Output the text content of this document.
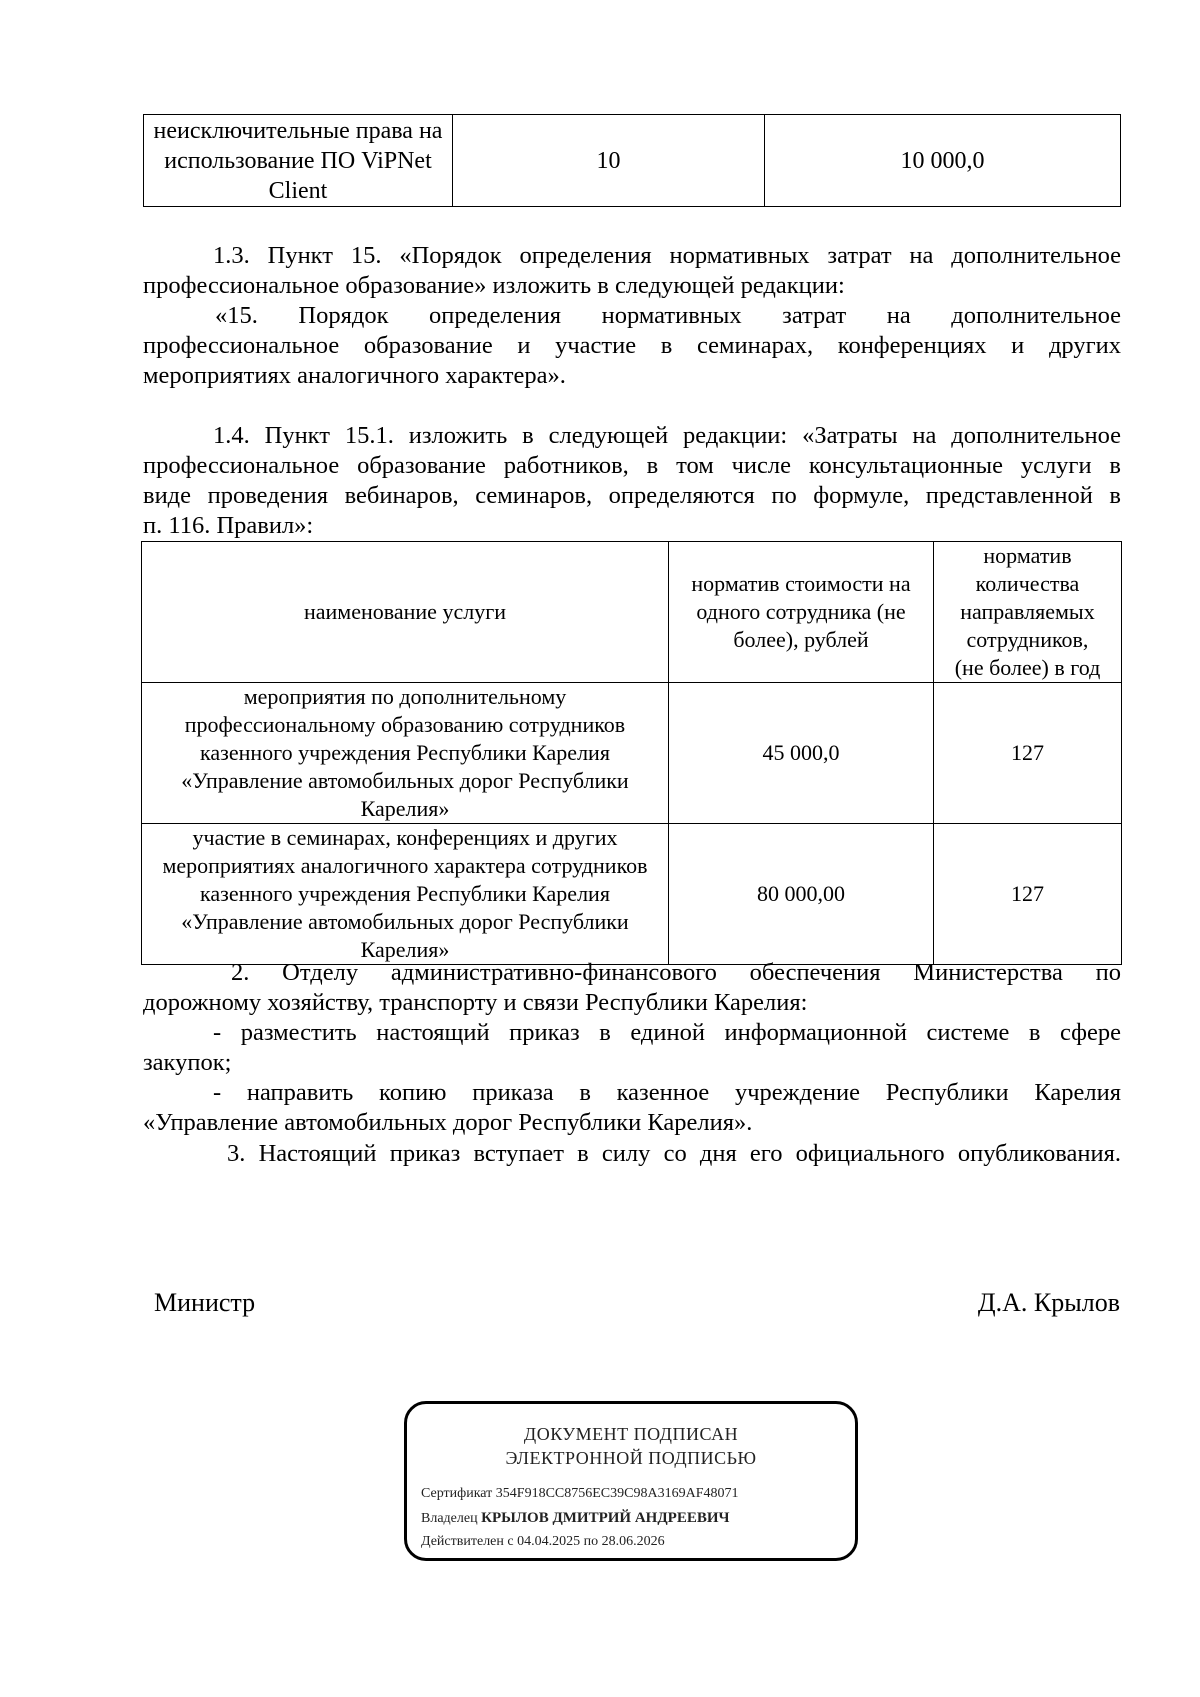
неисключительные права на использование ПО ViPNet Client	10	10 000,0
1.3. Пункт 15. «Порядок определения нормативных затрат на дополнительное
профессиональное образование» изложить в следующей редакции:
«15. Порядок определения нормативных затрат на дополнительное
профессиональное образование и участие в семинарах, конференциях и других
мероприятиях аналогичного характера».
1.4. Пункт 15.1. изложить в следующей редакции: «Затраты на дополнительное
профессиональное образование работников, в том числе консультационные услуги в
виде проведения вебинаров, семинаров, определяются по формуле, представленной в
п. 116. Правил»:
наименование услуги	норматив стоимости на одного сотрудника (не более), рублей	норматив количества направляемых сотрудников, (не более) в год
мероприятия по дополнительному профессиональному образованию сотрудников казенного учреждения Республики Карелия «Управление автомобильных дорог Республики Карелия»	45 000,0	127
участие в семинарах, конференциях и других мероприятиях аналогичного характера сотрудников казенного учреждения Республики Карелия «Управление автомобильных дорог Республики Карелия»	80 000,00	127
2. Отделу административно-финансового обеспечения Министерства по
дорожному хозяйству, транспорту и связи Республики Карелия:
- разместить настоящий приказ в единой информационной системе в сфере
закупок;
- направить копию приказа в казенное учреждение Республики Карелия
«Управление автомобильных дорог Республики Карелия».
3. Настоящий приказ вступает в силу со дня его официального опубликования.
Министр	Д.А. Крылов
ДОКУМЕНТ ПОДПИСАН
ЭЛЕКТРОННОЙ ПОДПИСЬЮ
Сертификат 354F918CC8756EC39C98A3169AF48071
Владелец КРЫЛОВ ДМИТРИЙ АНДРЕЕВИЧ
Действителен с 04.04.2025 по 28.06.2026
